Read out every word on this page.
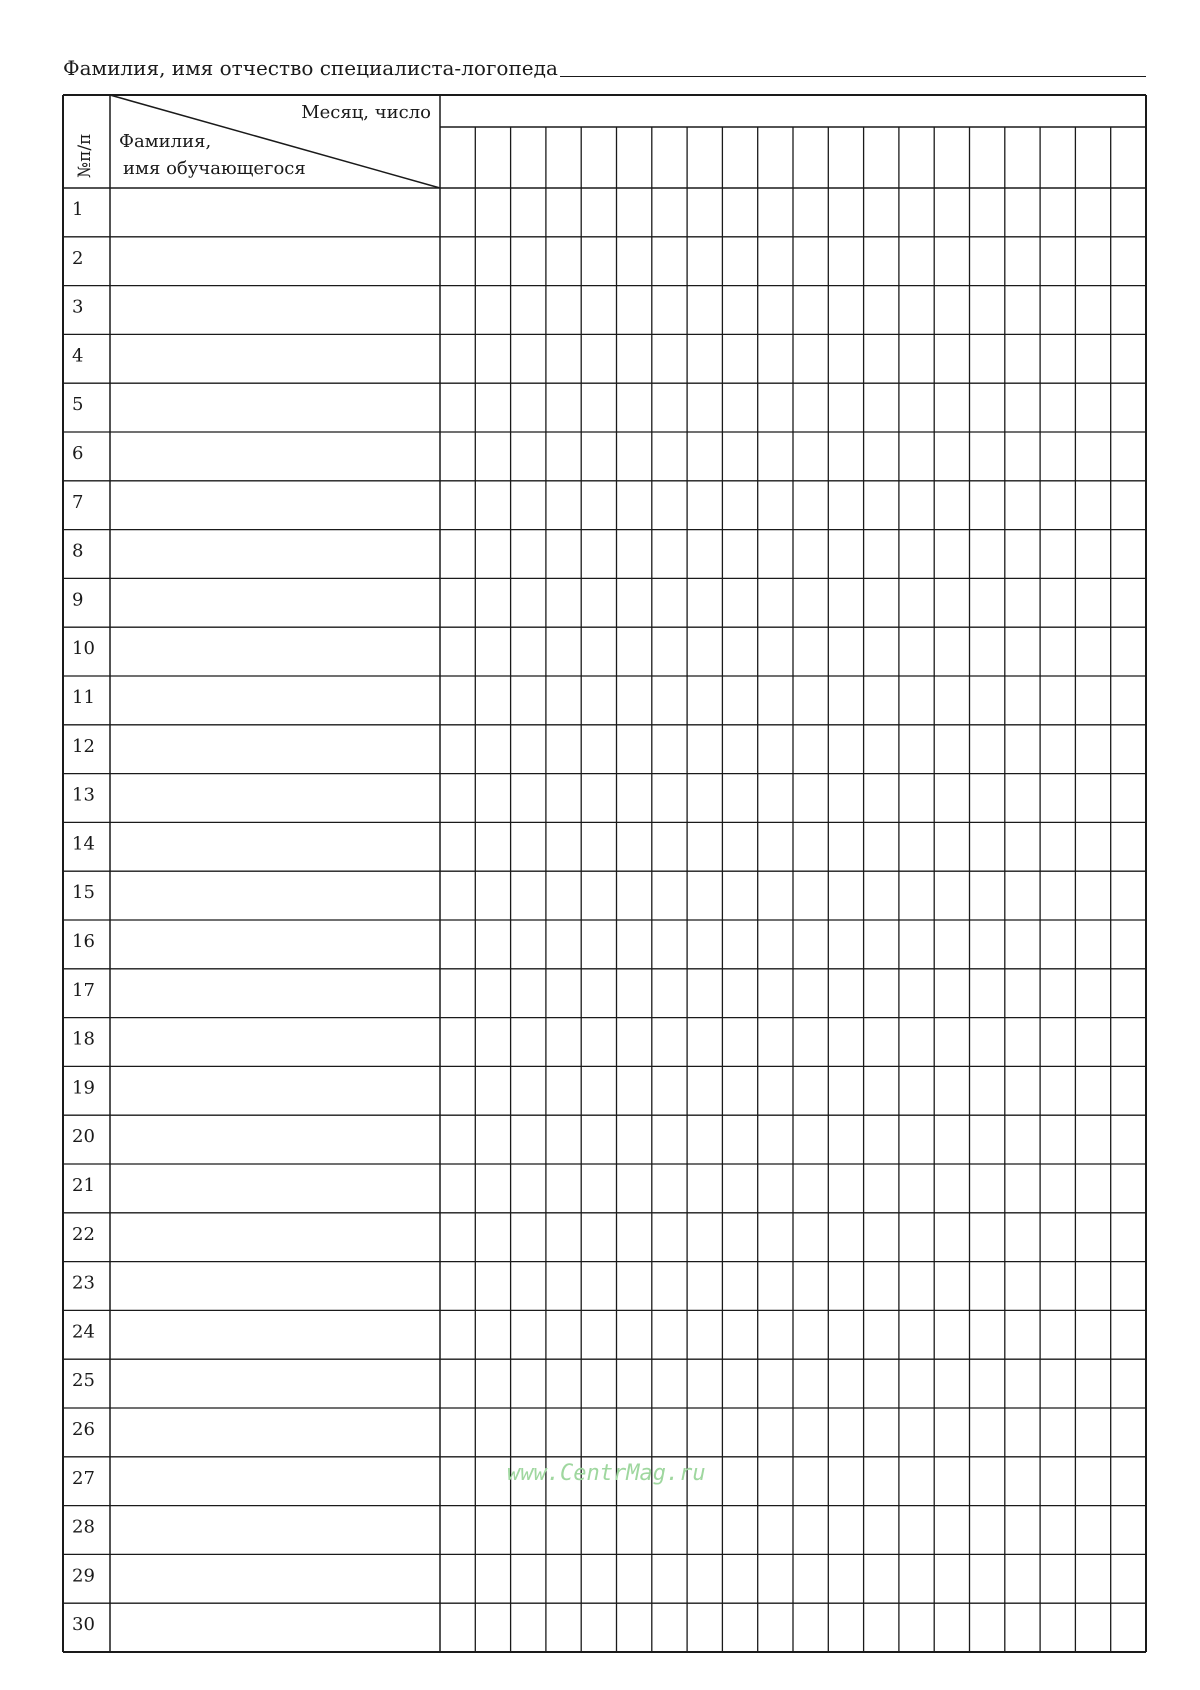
Фамилия, имя отчество специалиста-логопеда
№п/п
Месяц, число
Фамилия,
имя обучающегося
1
2
3
4
5
6
7
8
9
10
11
12
13
14
15
16
17
18
19
20
21
22
23
24
25
26
27
28
29
30
www.CentrMag.ru
